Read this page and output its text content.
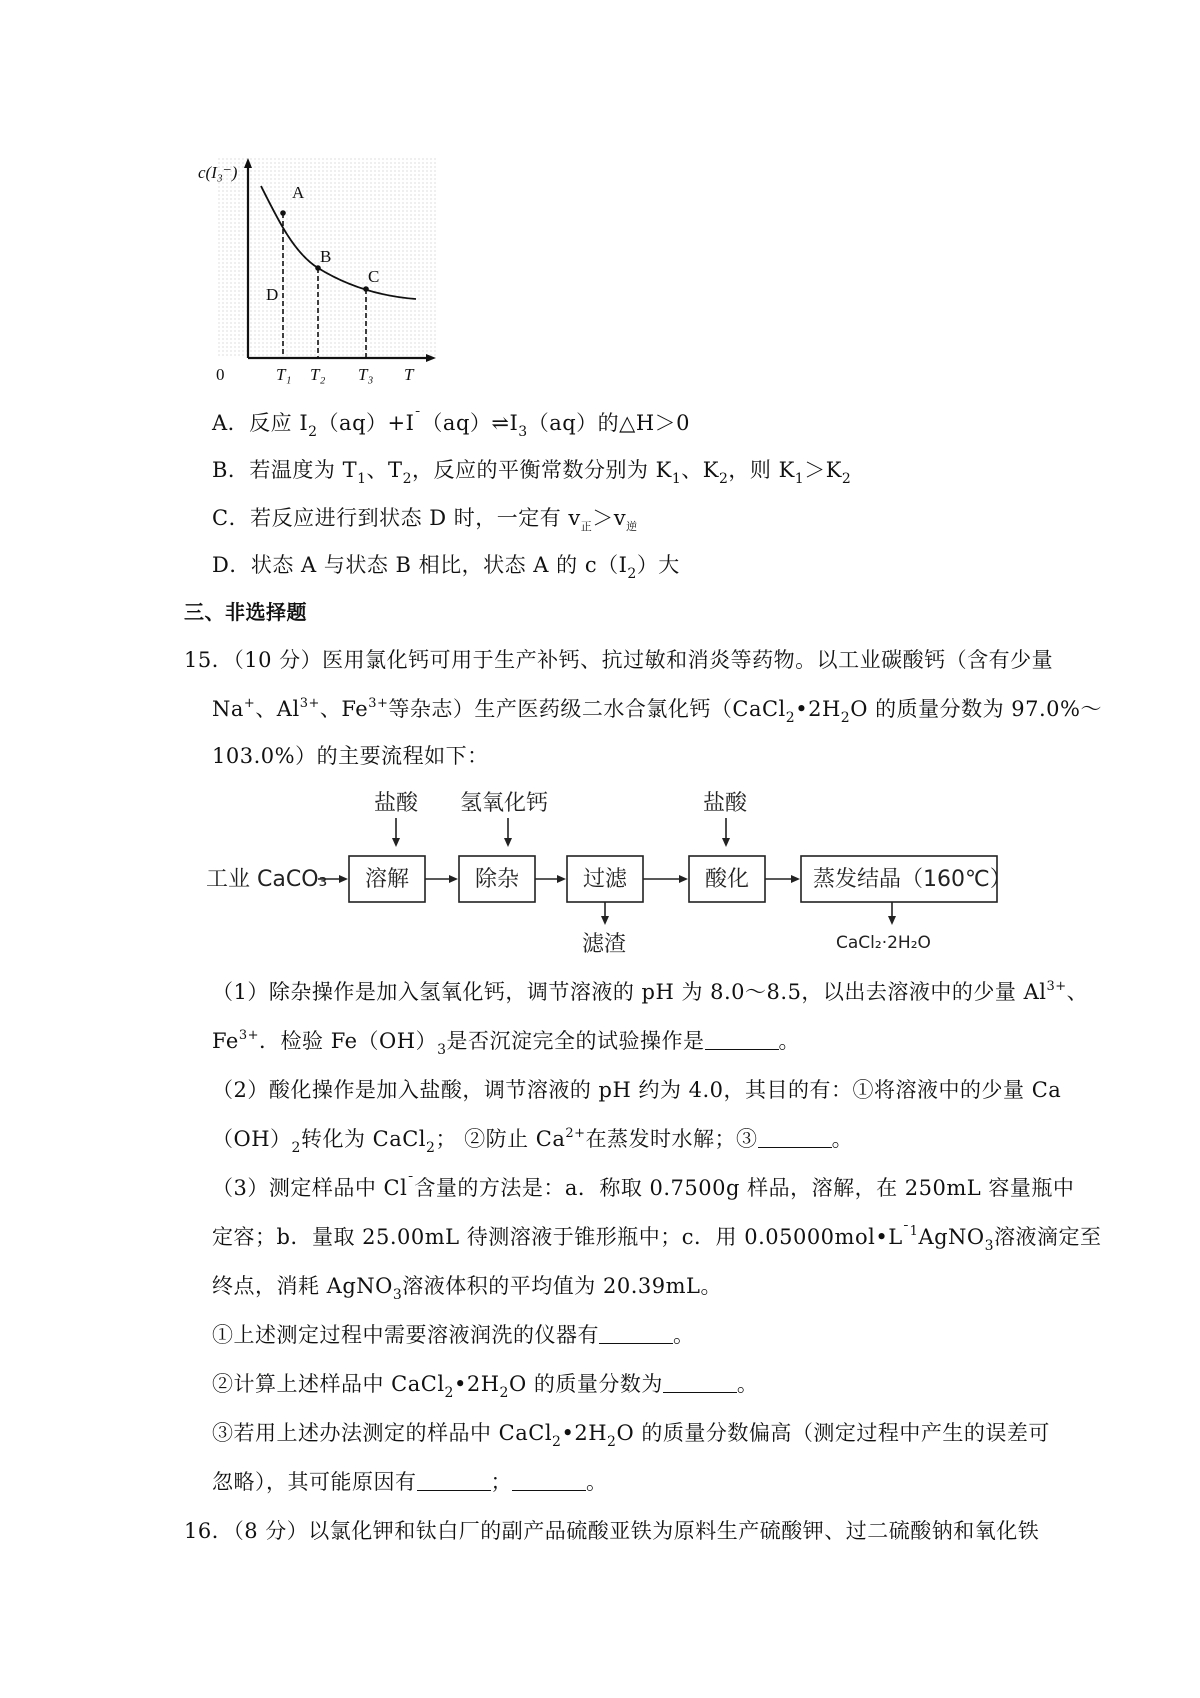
c(I₃⁻)
A
B
C
D
0	T₁ T₂ T₃ T
A．反应 $I_2(aq)+I^¯(aq)\rightleftharpoons I_3(aq)$的△H＞0
B．若温度为 $T_1$、$T_2$，反应的平衡常数分别为 $K_1$、$K_2$，则 $K_1>K_2$
C．若反应进行到状态 D 时，一定有 $v_正>v_逆$
D．状态 A 与状态 B 相比，状态 A 的 $c(I_2)$大
三、非选择题
15．（10 分）医用氯化钙可用于生产补钙、抗过敏和消炎等药物。以工业碳酸钙（含有少量
Na+、$Al^{3+}$、$Fe^{3+}$等杂志）生产医药级二水合氯化钙（$CaCl_2•2H_2O$ 的质量分数为 97.0%～
103.0%）的主要流程如下：
盐酸 氢氧化钙	盐酸
工业 CaCO₃ 溶解	除杂	过滤	酸化	蒸发结晶（160℃）
滤渣	CaCl₂·2H₂O
（1）除杂操作是加入氢氧化钙，调节溶液的 pH 为 8.0～8.5，以出去溶液中的少量 $Al^{3+}$、
$Fe^{3+}$．检验 $Fe(OH)_3$是否沉淀完全的试验操作是	。
（2）酸化操作是加入盐酸，调节溶液的 pH 约为 4.0，其目的有：①将溶液中的少量 Ca
$(OH)_2$转化为 CaCl$_2$； ②防止 $Ca^{2+}$在蒸发时水解；③	。
（3）测定样品中 Cl¯含量的方法是：a．称取 0.7500g 样品，溶解，在 250mL 容量瓶中
定容；b．量取 25.00mL 待测溶液于锥形瓶中；c．用 $0.05000mol•L^{¯1}AgNO_3$溶液滴定至
终点，消耗 AgNO$_3$溶液体积的平均值为 20.39mL。
①上述测定过程中需要溶液润洗的仪器有	。
②计算上述样品中 $CaCl_2•2H_2O$ 的质量分数为	。
③若用上述办法测定的样品中 $CaCl_2•2H_2O$ 的质量分数偏高（测定过程中产生的误差可
忽略），其可能原因有	；	。
16．（8 分）以氯化钾和钛白厂的副产品硫酸亚铁为原料生产硫酸钾、过二硫酸钠和氧化铁
